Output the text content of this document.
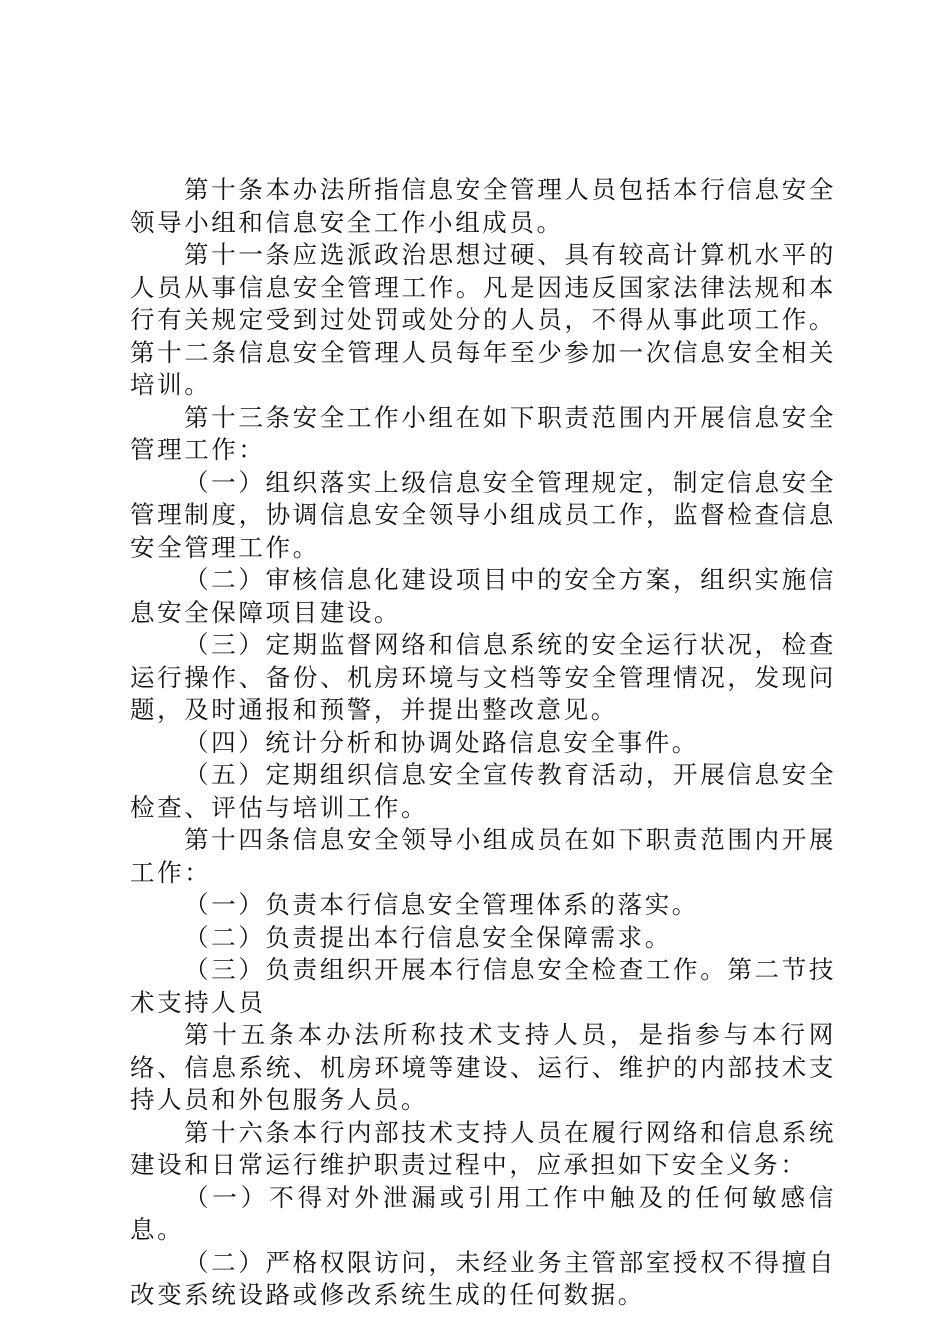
第十条本办法所指信息安全管理人员包括本行信息安全领导小组和信息安全工作小组成员。

第十一条应选派政治思想过硬、具有较高计算机水平的人员从事信息安全管理工作。凡是因违反国家法律法规和本行有关规定受到过处罚或处分的人员，不得从事此项工作。第十二条信息安全管理人员每年至少参加一次信息安全相关培训。

第十三条安全工作小组在如下职责范围内开展信息安全管理工作：

（一）组织落实上级信息安全管理规定，制定信息安全管理制度，协调信息安全领导小组成员工作，监督检查信息安全管理工作。

（二）审核信息化建设项目中的安全方案，组织实施信息安全保障项目建设。

（三）定期监督网络和信息系统的安全运行状况，检查运行操作、备份、机房环境与文档等安全管理情况，发现问题，及时通报和预警，并提出整改意见。

（四）统计分析和协调处路信息安全事件。

（五）定期组织信息安全宣传教育活动，开展信息安全检查、评估与培训工作。

第十四条信息安全领导小组成员在如下职责范围内开展工作：

（一）负责本行信息安全管理体系的落实。

（二）负责提出本行信息安全保障需求。

（三）负责组织开展本行信息安全检查工作。第二节技术支持人员

第十五条本办法所称技术支持人员，是指参与本行网络、信息系统、机房环境等建设、运行、维护的内部技术支持人员和外包服务人员。

第十六条本行内部技术支持人员在履行网络和信息系统建设和日常运行维护职责过程中，应承担如下安全义务：

（一）不得对外泄漏或引用工作中触及的任何敏感信息。

（二）严格权限访问，未经业务主管部室授权不得擅自改变系统设路或修改系统生成的任何数据。
